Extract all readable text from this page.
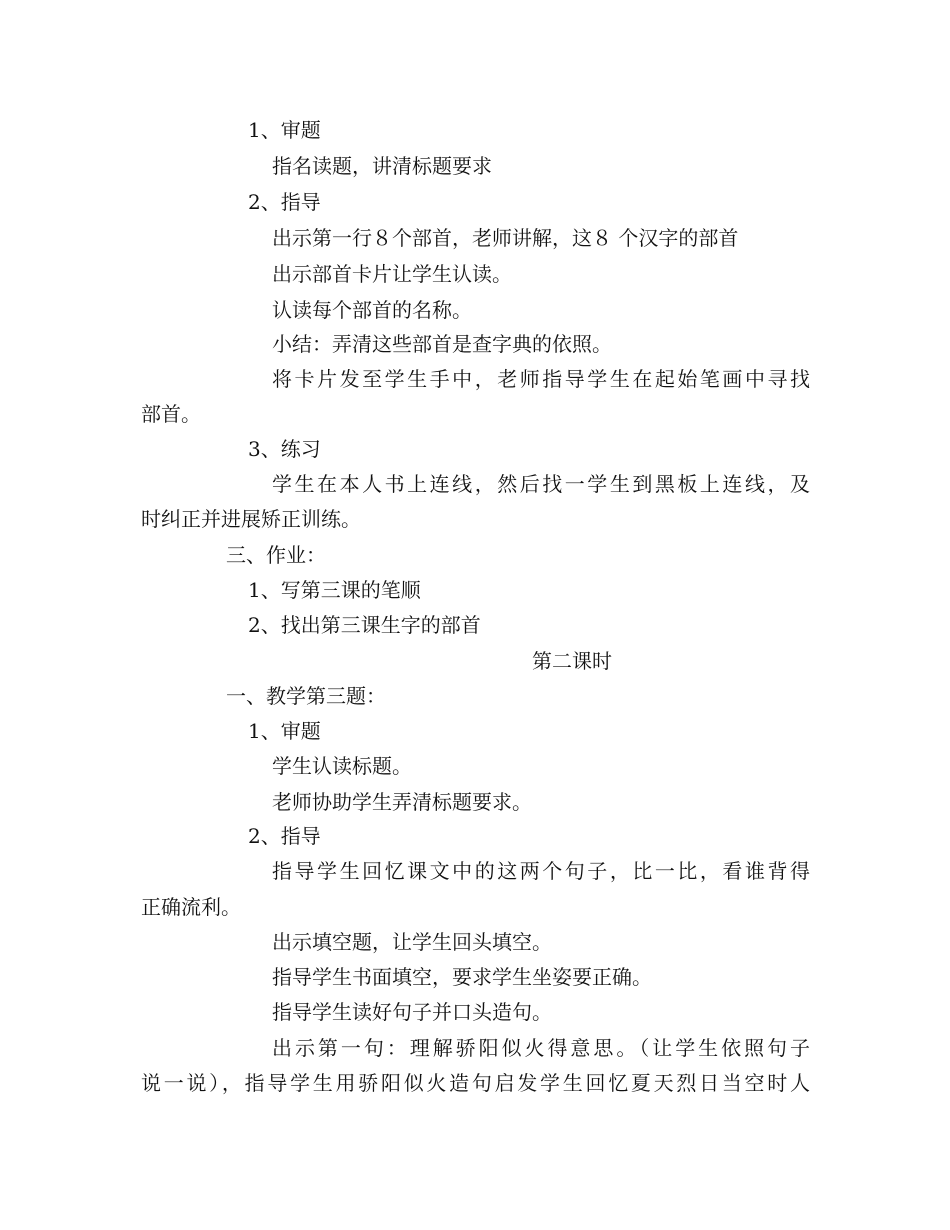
1、审题
指名读题，讲清标题要求
2、指导
出示第一行８个部首，老师讲解，这８ 个汉字的部首
出示部首卡片让学生认读。
认读每个部首的名称。
小结：弄清这些部首是查字典的依照。
将卡片发至学生手中，老师指导学生在起始笔画中寻找
部首。
3、练习
学生在本人书上连线，然后找一学生到黑板上连线，及
时纠正并进展矫正训练。
三、作业：
1、写第三课的笔顺
2、找出第三课生字的部首
第二课时
一、教学第三题：
1、审题
学生认读标题。
老师协助学生弄清标题要求。
2、指导
指导学生回忆课文中的这两个句子，比一比，看谁背得
正确流利。
出示填空题，让学生回头填空。
指导学生书面填空，要求学生坐姿要正确。
指导学生读好句子并口头造句。
出示第一句：理解骄阳似火得意思。（让学生依照句子
说一说），指导学生用骄阳似火造句启发学生回忆夏天烈日当空时人
